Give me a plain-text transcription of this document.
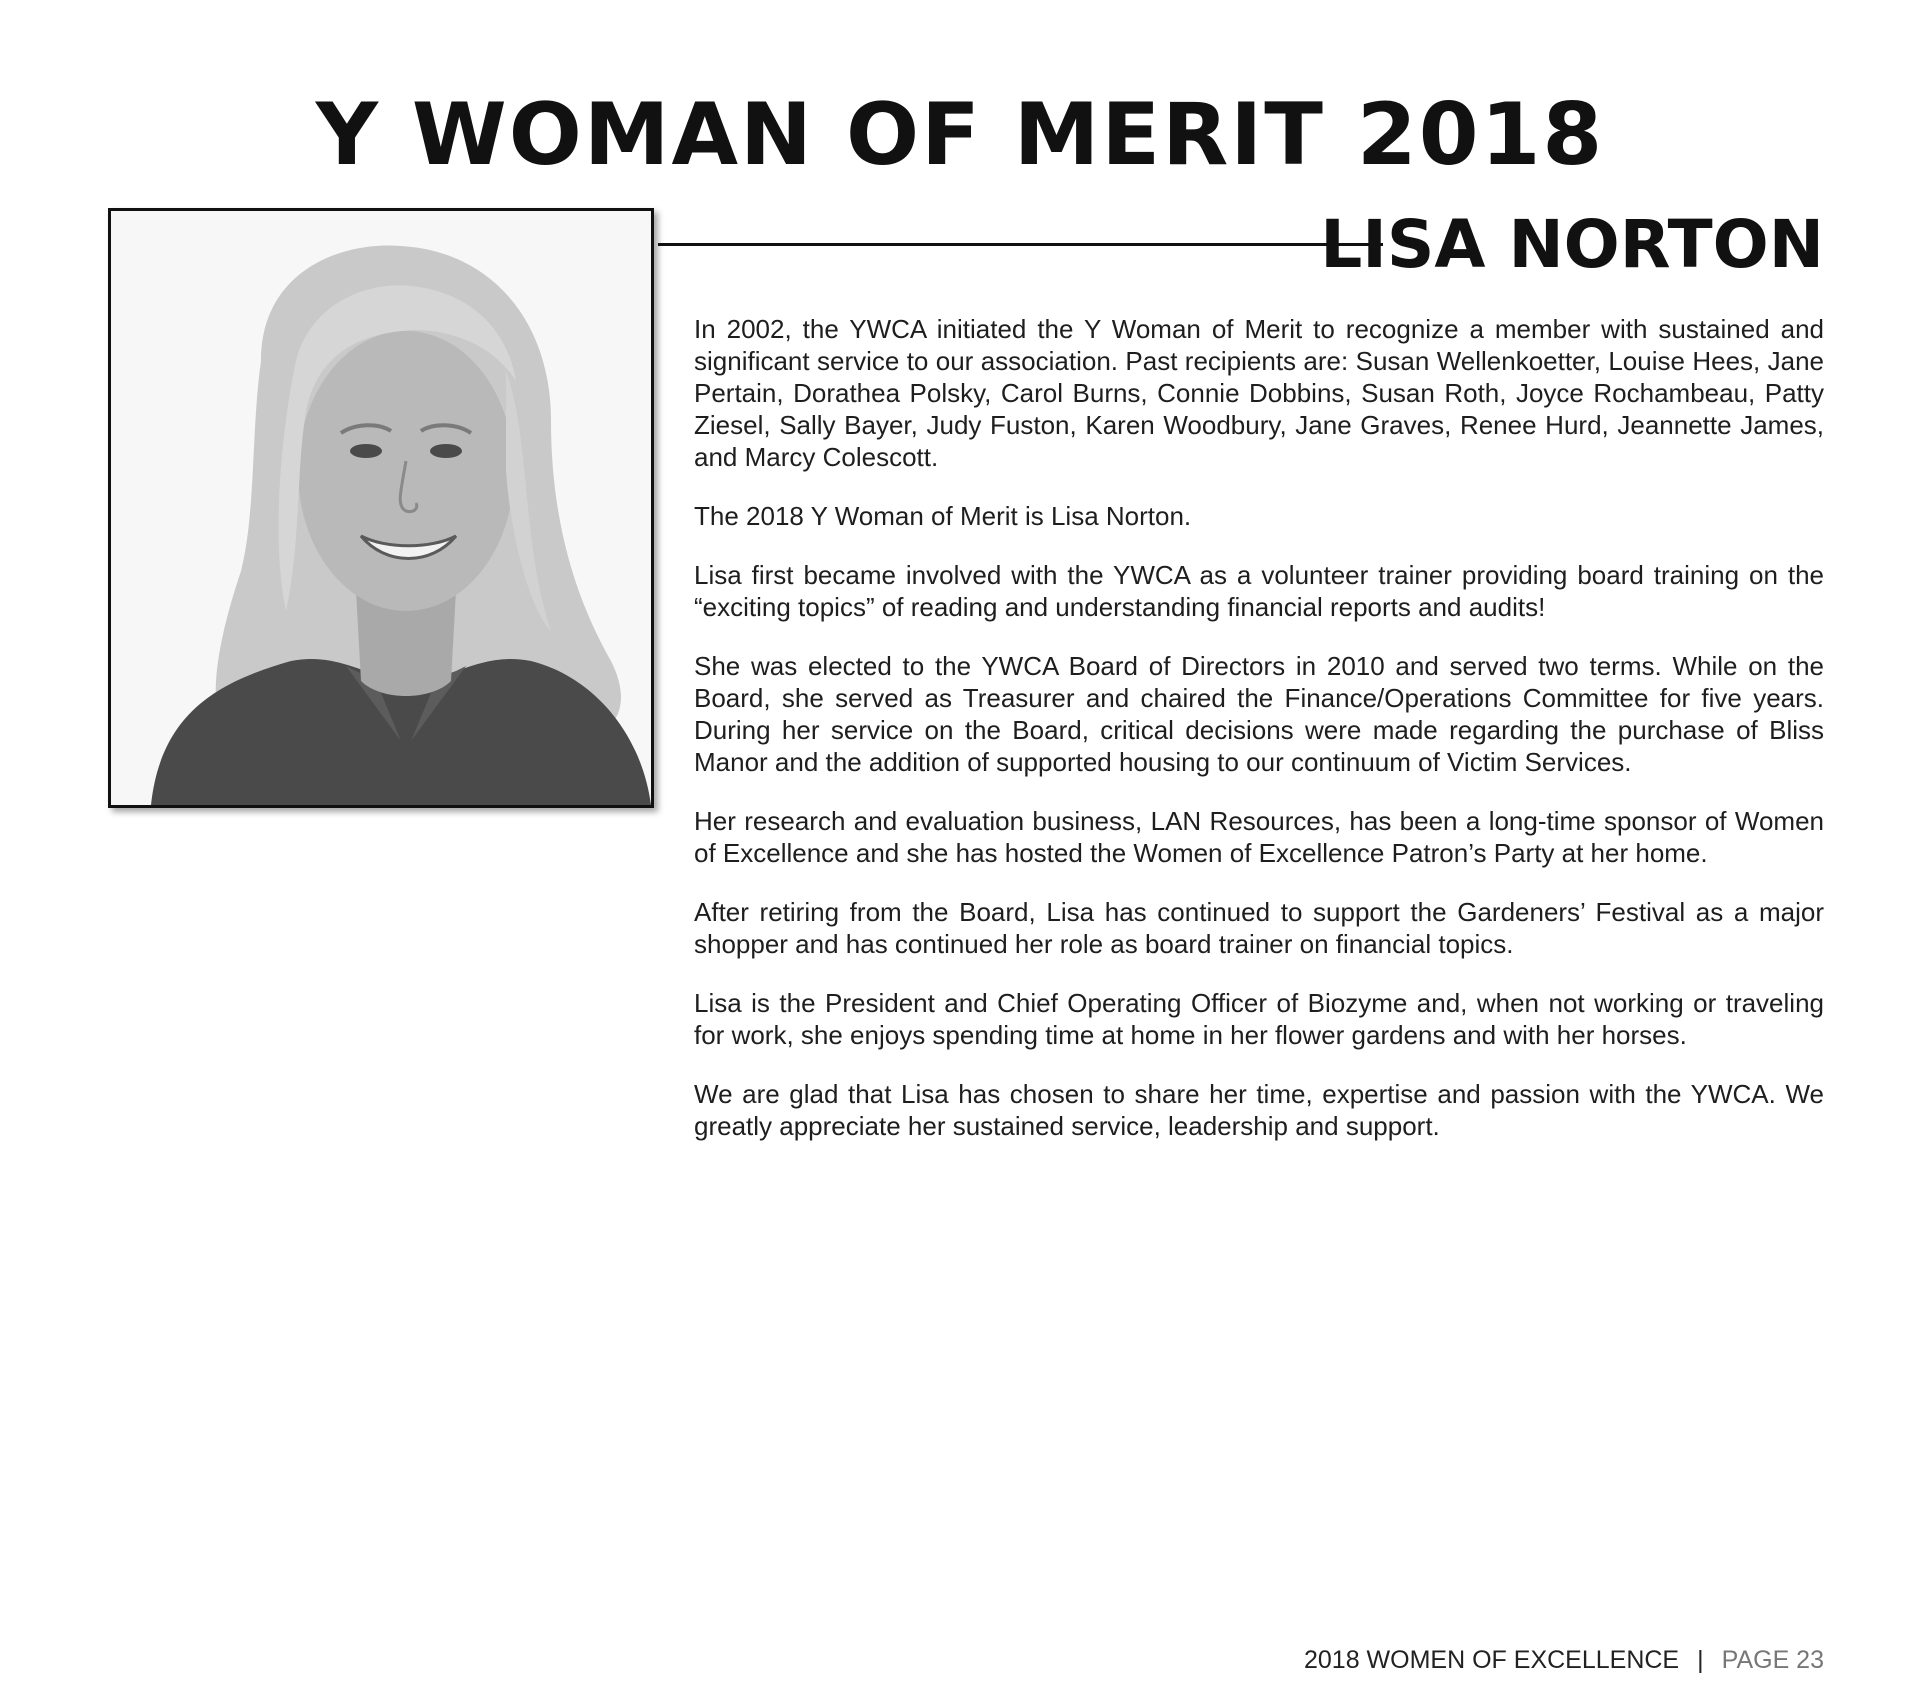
Y WOMAN OF MERIT 2018
LISA NORTON

In 2002, the YWCA initiated the Y Woman of Merit to recognize a member with sustained and significant service to our association. Past recipients are: Susan Wellenkoetter, Louise Hees, Jane Pertain, Dorathea Polsky, Carol Burns, Connie Dobbins, Susan Roth, Joyce Rochambeau, Patty Ziesel, Sally Bayer, Judy Fuston, Karen Woodbury, Jane Graves, Renee Hurd, Jeannette James, and Marcy Colescott.

The 2018 Y Woman of Merit is Lisa Norton.

Lisa first became involved with the YWCA as a volunteer trainer providing board training on the “exciting topics” of reading and understanding financial reports and audits!

She was elected to the YWCA Board of Directors in 2010 and served two terms. While on the Board, she served as Treasurer and chaired the Finance/Operations Committee for five years. During her service on the Board, critical decisions were made regarding the purchase of Bliss Manor and the addition of supported housing to our continuum of Victim Services.

Her research and evaluation business, LAN Resources, has been a long-time sponsor of Women of Excellence and she has hosted the Women of Excellence Patron’s Party at her home.

After retiring from the Board, Lisa has continued to support the Gardeners’ Festival as a major shopper and has continued her role as board trainer on financial topics.

Lisa is the President and Chief Operating Officer of Biozyme and, when not working or traveling for work, she enjoys spending time at home in her flower gardens and with her horses.

We are glad that Lisa has chosen to share her time, expertise and passion with the YWCA. We greatly appreciate her sustained service, leadership and support.

2018 WOMEN OF EXCELLENCE | PAGE 23
